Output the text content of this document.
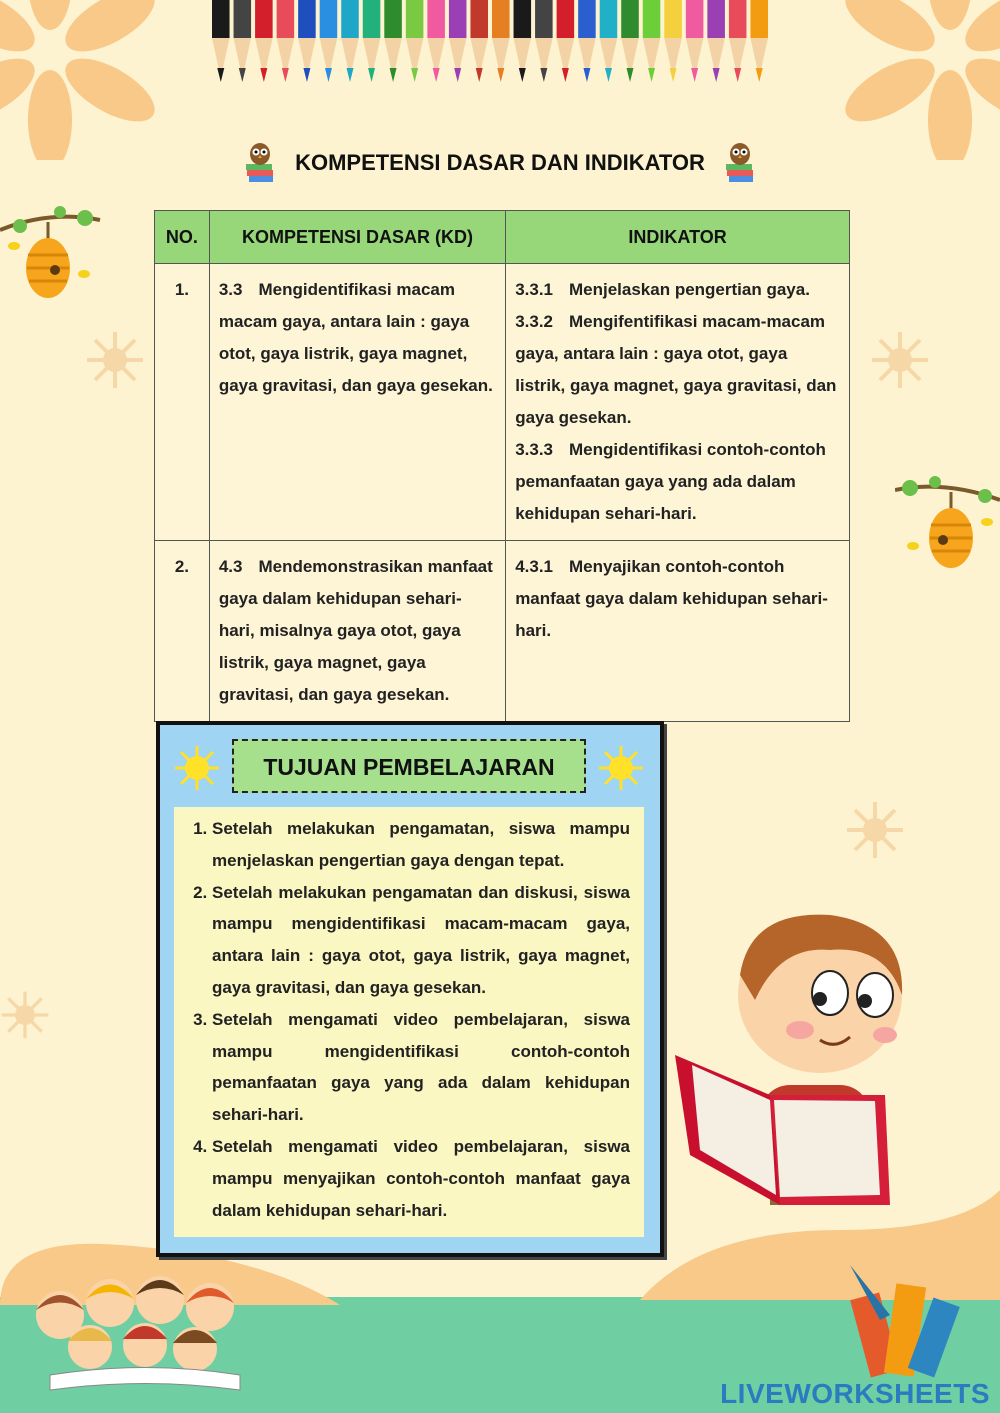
KOMPETENSI DASAR DAN INDIKATOR
NO.	KOMPETENSI DASAR (KD)	INDIKATOR
1.	3.3 Mengidentifikasi macam macam gaya, antara lain : gaya otot, gaya listrik, gaya magnet, gaya gravitasi, dan gaya gesekan.	3.3.1 Menjelaskan pengertian gaya.
3.3.2 Mengifentifikasi macam-macam gaya, antara lain : gaya otot, gaya listrik, gaya magnet, gaya gravitasi, dan gaya gesekan.
3.3.3 Mengidentifikasi contoh-contoh pemanfaatan gaya yang ada dalam kehidupan sehari-hari.

2.	4.3 Mendemonstrasikan manfaat gaya dalam kehidupan sehari-hari, misalnya gaya otot, gaya listrik, gaya magnet, gaya gravitasi, dan gaya gesekan.	4.3.1 Menyajikan contoh-contoh manfaat gaya dalam kehidupan sehari-hari.
TUJUAN PEMBELAJARAN
1. Setelah melakukan pengamatan, siswa mampu menjelaskan pengertian gaya dengan tepat.
2. Setelah melakukan pengamatan dan diskusi, siswa mampu mengidentifikasi macam-macam gaya, antara lain : gaya otot, gaya listrik, gaya magnet, gaya gravitasi, dan gaya gesekan.
3. Setelah mengamati video pembelajaran, siswa mampu mengidentifikasi contoh-contoh pemanfaatan gaya yang ada dalam kehidupan sehari-hari.
4. Setelah mengamati video pembelajaran, siswa mampu menyajikan contoh-contoh manfaat gaya dalam kehidupan sehari-hari.
LIVEWORKSHEETS
